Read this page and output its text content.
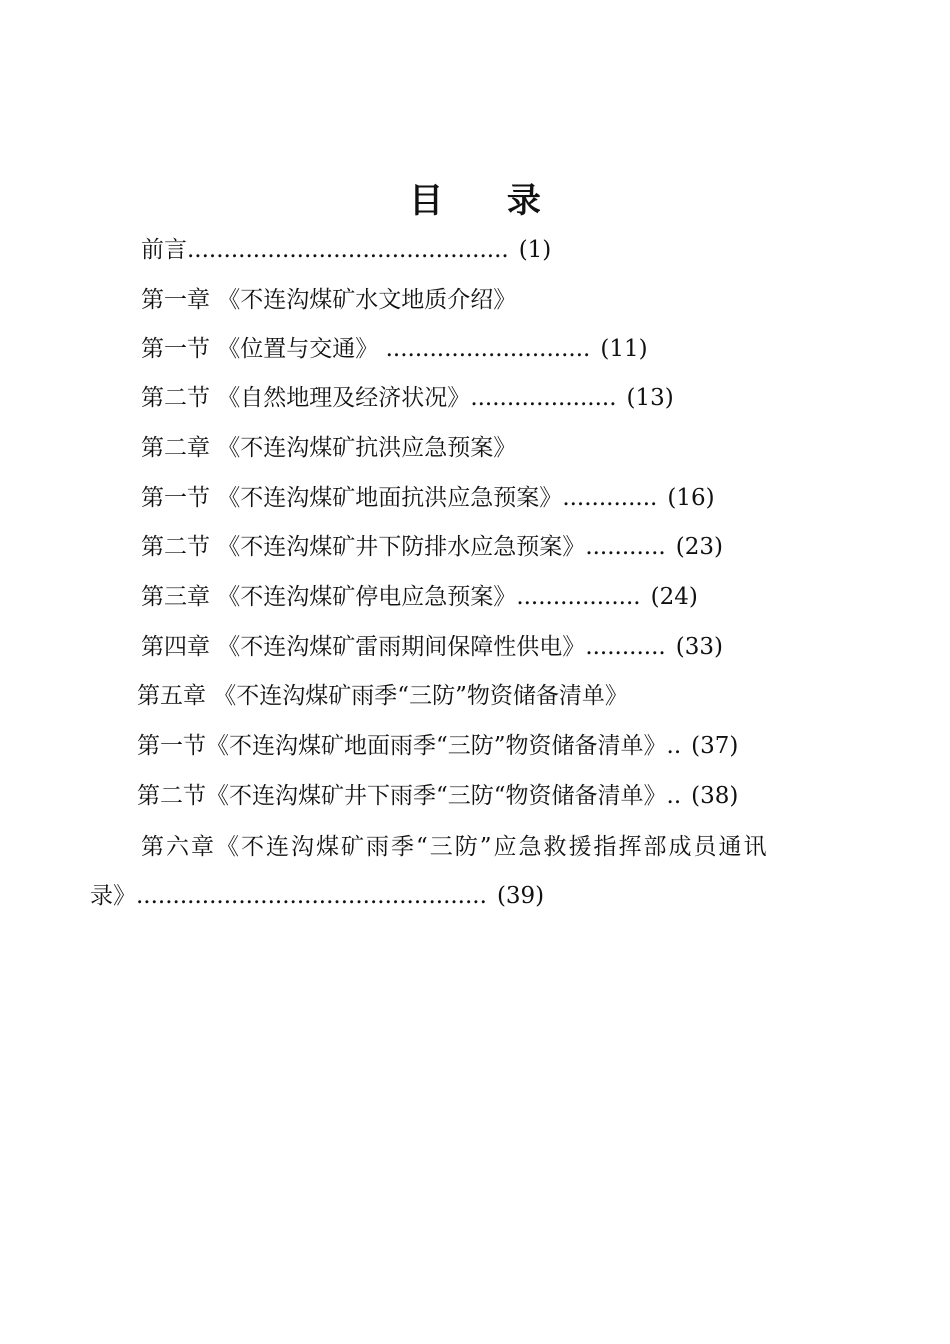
目 录
前言............................................ (1)
第一章 《不连沟煤矿水文地质介绍》
第一节 《位置与交通》 ............................ (11)
第二节 《自然地理及经济状况》.................... (13)
第二章 《不连沟煤矿抗洪应急预案》
第一节 《不连沟煤矿地面抗洪应急预案》............. (16)
第二节 《不连沟煤矿井下防排水应急预案》........... (23)
第三章 《不连沟煤矿停电应急预案》................. (24)
第四章 《不连沟煤矿雷雨期间保障性供电》........... (33)
第五章 《不连沟煤矿雨季“三防”物资储备清单》
第一节《不连沟煤矿地面雨季“三防”物资储备清单》.. (37)
第二节《不连沟煤矿井下雨季“三防“物资储备清单》.. (38)
第六章《不连沟煤矿雨季“三防”应急救援指挥部成员通讯
录》................................................ (39)
